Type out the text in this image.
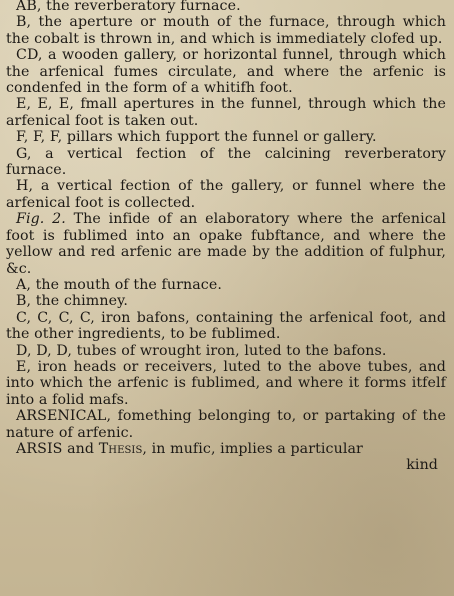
AB, the reverberatory furnace.

B, the aperture or mouth of the furnace, through which the cobalt is thrown in, and which is immediately clofed up.

CD, a wooden gallery, or horizontal funnel, through which the arfenical fumes circulate, and where the arfenic is condenfed in the form of a whitifh foot.

E, E, E, fmall apertures in the funnel, through which the arfenical foot is taken out.

F, F, F, pillars which fupport the funnel or gallery.

G, a vertical fection of the calcining reverberatory furnace.

H, a vertical fection of the gallery, or funnel where the arfenical foot is collected.

Fig. 2. The infide of an elaboratory where the arfenical foot is fublimed into an opake fubftance, and where the yellow and red arfenic are made by the addition of fulphur, &c.

A, the mouth of the furnace.

B, the chimney.

C, C, C, C, iron bafons, containing the arfenical foot, and the other ingredients, to be fublimed.

D, D, D, tubes of wrought iron, luted to the bafons.

E, iron heads or receivers, luted to the above tubes, and into which the arfenic is fublimed, and where it forms itfelf into a folid mafs.

ARSENICAL, fomething belonging to, or partaking of the nature of arfenic.

ARSIS and Thesis, in mufic, implies a particular

kind
